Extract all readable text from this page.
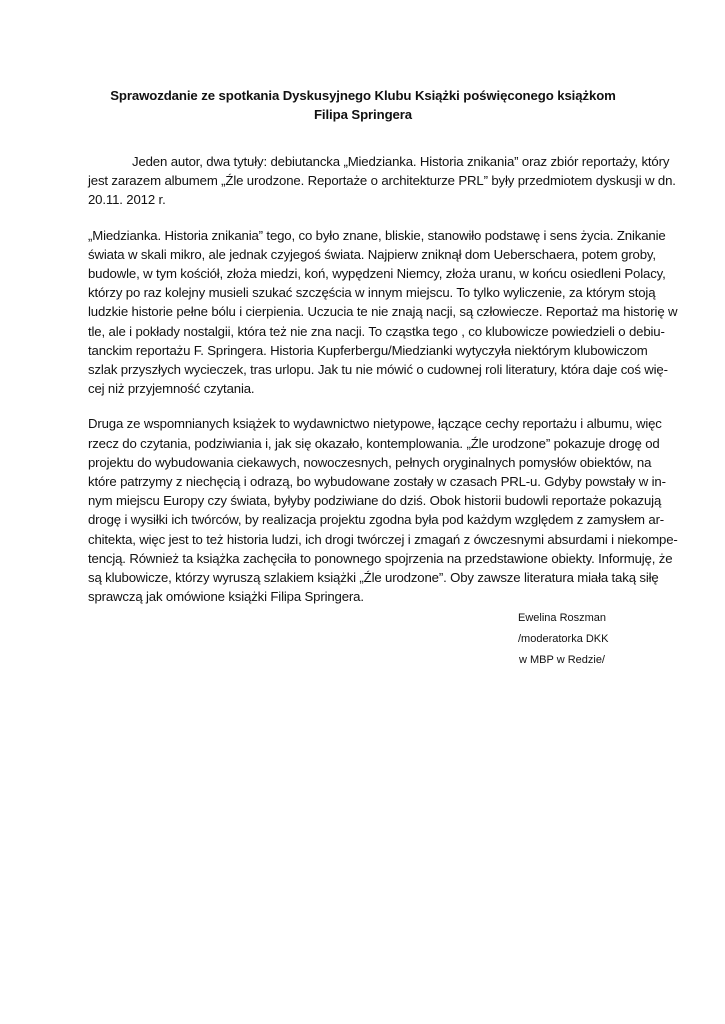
Sprawozdanie ze spotkania Dyskusyjnego Klubu Książki poświęconego książkom
Filipa Springera

Jeden autor, dwa tytuły: debiutancka „Miedzianka. Historia znikania” oraz zbiór reportaży, który
jest zarazem albumem „Źle urodzone. Reportaże o architekturze PRL” były przedmiotem dyskusji w dn.
20.11. 2012 r.

„Miedzianka. Historia znikania” tego, co było znane, bliskie, stanowiło podstawę i sens życia. Znikanie
świata w skali mikro, ale jednak czyjegoś świata. Najpierw zniknął dom Ueberschaera, potem groby,
budowle, w tym kościół, złoża miedzi, koń, wypędzeni Niemcy, złoża uranu, w końcu osiedleni Polacy,
którzy po raz kolejny musieli szukać szczęścia w innym miejscu. To tylko wyliczenie, za którym stoją
ludzkie historie pełne bólu i cierpienia. Uczucia te nie znają nacji, są człowiecze. Reportaż ma historię w
tle, ale i pokłady nostalgii, która też nie zna nacji. To cząstka tego , co klubowicze powiedzieli o debiu-
tanckim reportażu F. Springera. Historia Kupferbergu/Miedzianki wytyczyła niektórym klubowiczom
szlak przyszłych wycieczek, tras urlopu. Jak tu nie mówić o cudownej roli literatury, która daje coś wię-
cej niż przyjemność czytania.

Druga ze wspomnianych książek to wydawnictwo nietypowe, łączące cechy reportażu i albumu, więc
rzecz do czytania, podziwiania i, jak się okazało, kontemplowania. „Źle urodzone” pokazuje drogę od
projektu do wybudowania ciekawych, nowoczesnych, pełnych oryginalnych pomysłów obiektów, na
które patrzymy z niechęcią i odrazą, bo wybudowane zostały w czasach PRL-u. Gdyby powstały w in-
nym miejscu Europy czy świata, byłyby podziwiane do dziś. Obok historii budowli reportaże pokazują
drogę i wysiłki ich twórców, by realizacja projektu zgodna była pod każdym względem z zamysłem ar-
chitekta, więc jest to też historia ludzi, ich drogi twórczej i zmagań z ówczesnymi absurdami i niekompe-
tencją. Również ta książka zachęciła to ponownego spojrzenia na przedstawione obiekty. Informuję, że
są klubowicze, którzy wyruszą szlakiem książki „Źle urodzone”. Oby zawsze literatura miała taką siłę
sprawczą jak omówione książki Filipa Springera.

Ewelina Roszman
/moderatorka DKK
w MBP w Redzie/
